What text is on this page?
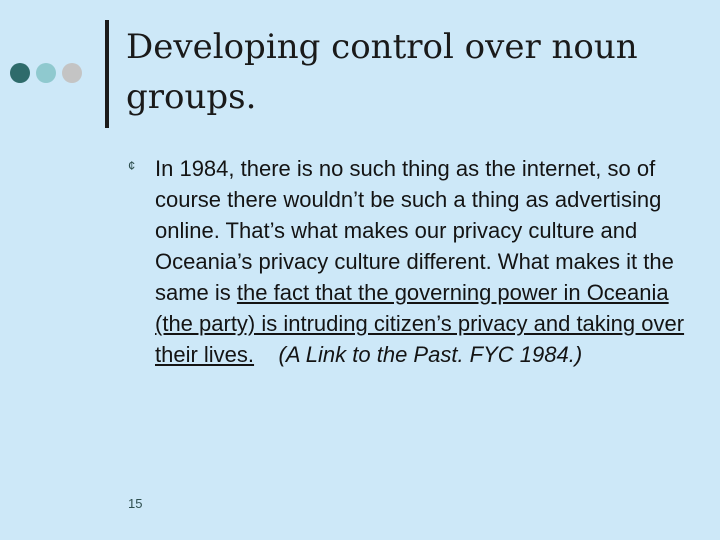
Developing control over noun groups.
¢ In 1984, there is no such thing as the internet, so of course there wouldn’t be such a thing as advertising online. That’s what makes our privacy culture and Oceania’s privacy culture different. What makes it the same is the fact that the governing power in Oceania (the party) is intruding citizen’s privacy and taking over their lives. (A Link to the Past. FYC 1984.)
15
